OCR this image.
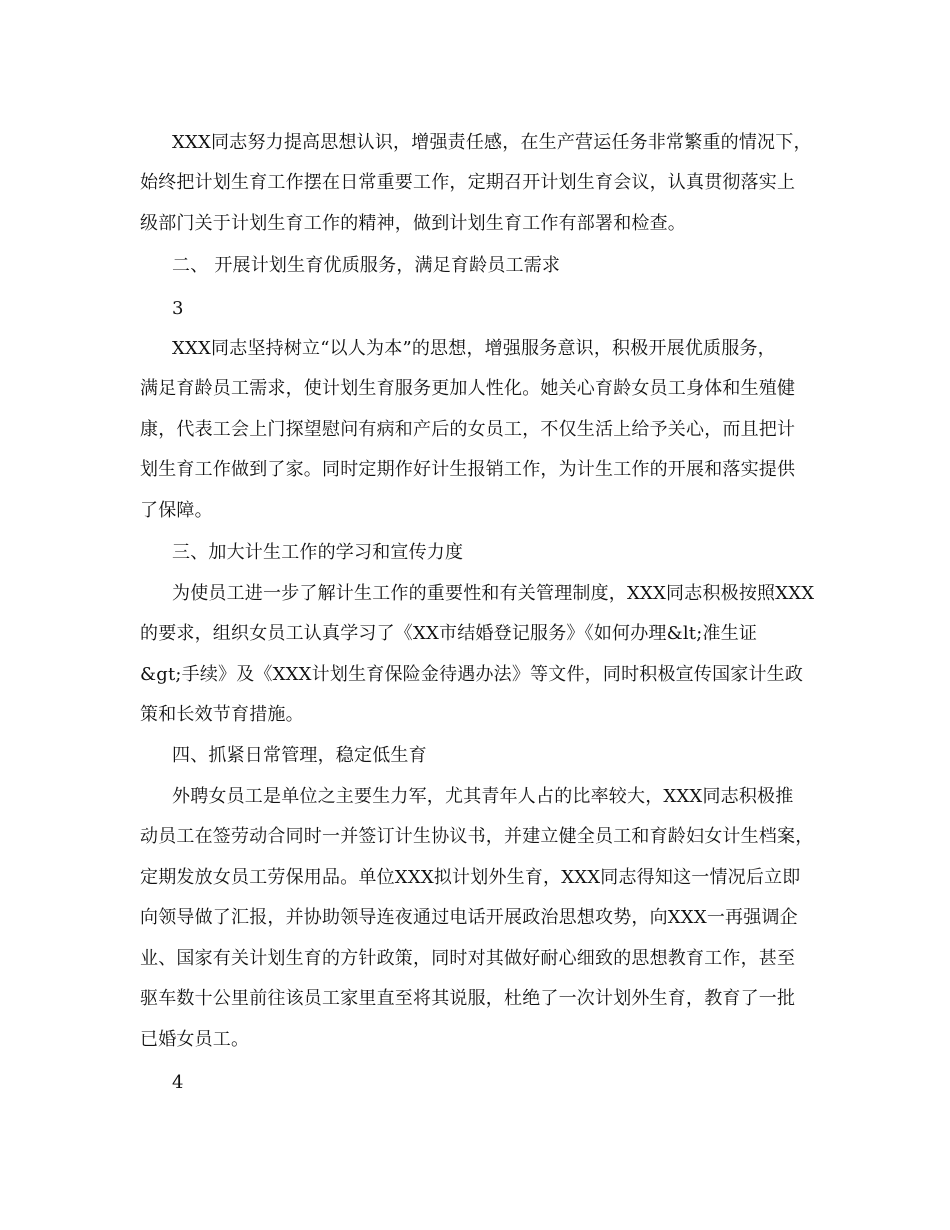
XXX同志努力提高思想认识，增强责任感，在生产营运任务非常繁重的情况下，
始终把计划生育工作摆在日常重要工作，定期召开计划生育会议，认真贯彻落实上
级部门关于计划生育工作的精神，做到计划生育工作有部署和检查。
二、 开展计划生育优质服务，满足育龄员工需求
3
XXX同志坚持树立“以人为本”的思想，增强服务意识，积极开展优质服务，
满足育龄员工需求，使计划生育服务更加人性化。她关心育龄女员工身体和生殖健
康，代表工会上门探望慰问有病和产后的女员工，不仅生活上给予关心，而且把计
划生育工作做到了家。同时定期作好计生报销工作，为计生工作的开展和落实提供
了保障。
三、加大计生工作的学习和宣传力度
为使员工进一步了解计生工作的重要性和有关管理制度，XXX同志积极按照XXX
的要求，组织女员工认真学习了《XX市结婚登记服务》《如何办理&lt;准生证
&gt;手续》及《XXX计划生育保险金待遇办法》等文件，同时积极宣传国家计生政
策和长效节育措施。
四、抓紧日常管理，稳定低生育
外聘女员工是单位之主要生力军，尤其青年人占的比率较大，XXX同志积极推
动员工在签劳动合同时一并签订计生协议书，并建立健全员工和育龄妇女计生档案，
定期发放女员工劳保用品。单位XXX拟计划外生育，XXX同志得知这一情况后立即
向领导做了汇报，并协助领导连夜通过电话开展政治思想攻势，向XXX一再强调企
业、国家有关计划生育的方针政策，同时对其做好耐心细致的思想教育工作，甚至
驱车数十公里前往该员工家里直至将其说服，杜绝了一次计划外生育，教育了一批
已婚女员工。
4
